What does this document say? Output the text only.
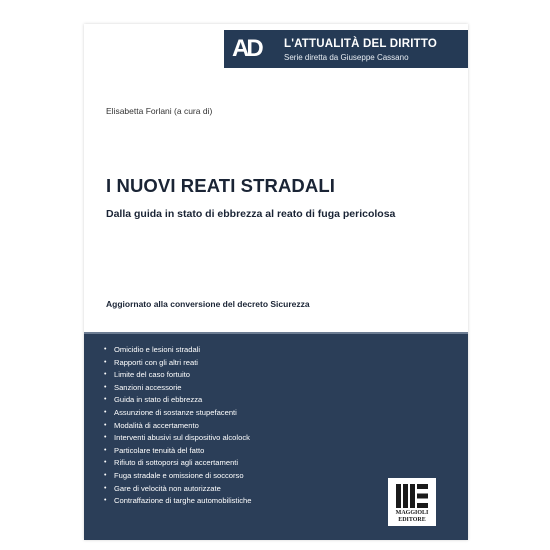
AD L'ATTUALITÀ DEL DIRITTO
Serie diretta da Giuseppe Cassano
Elisabetta Forlani (a cura di)
I NUOVI REATI STRADALI
Dalla guida in stato di ebbrezza al reato di fuga pericolosa
Aggiornato alla conversione del decreto Sicurezza
• Omicidio e lesioni stradali
• Rapporti con gli altri reati
• Limite del caso fortuito
• Sanzioni accessorie
• Guida in stato di ebbrezza
• Assunzione di sostanze stupefacenti
• Modalità di accertamento
• Interventi abusivi sul dispositivo alcolock
• Particolare tenuità del fatto
• Rifiuto di sottoporsi agli accertamenti
• Fuga stradale e omissione di soccorso
• Gare di velocità non autorizzate
• Contraffazione di targhe automobilistiche
MAGGIOLI
EDITORE
